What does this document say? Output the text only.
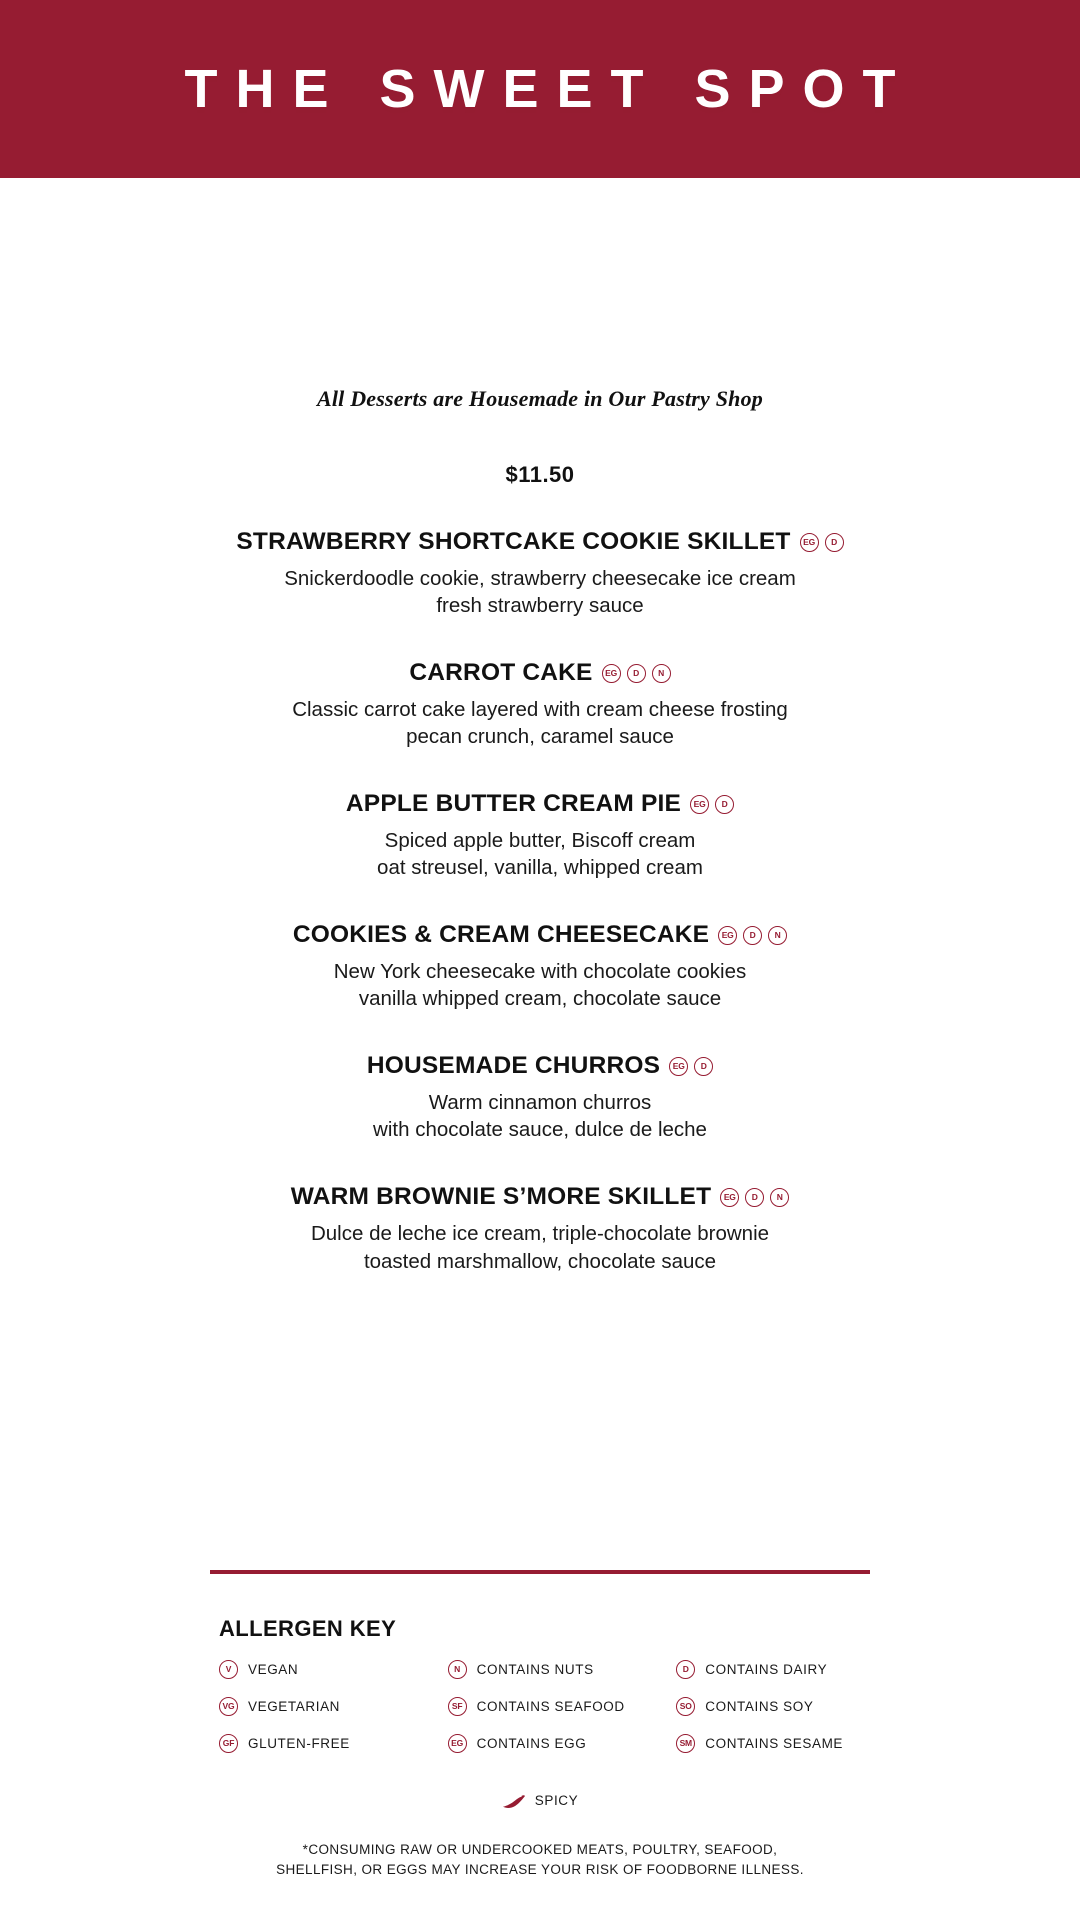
THE SWEET SPOT

All Desserts are Housemade in Our Pastry Shop

$11.50

STRAWBERRY SHORTCAKE COOKIE SKILLET	EG	D
Snickerdoodle cookie, strawberry cheesecake ice cream
fresh strawberry sauce
CARROT CAKE	EG	D	N
Classic carrot cake layered with cream cheese frosting
pecan crunch, caramel sauce
APPLE BUTTER CREAM PIE	EG	D
Spiced apple butter, Biscoff cream
oat streusel, vanilla, whipped cream
COOKIES & CREAM CHEESECAKE	EG	D	N
New York cheesecake with chocolate cookies
vanilla whipped cream, chocolate sauce
HOUSEMADE CHURROS	EG	D
Warm cinnamon churros
with chocolate sauce, dulce de leche
WARM BROWNIE S’MORE SKILLET	EG	D	N
Dulce de leche ice cream, triple-chocolate brownie
toasted marshmallow, chocolate sauce
ALLERGEN KEY
V	VEGAN
VG VEGETARIAN
GF GLUTEN-FREE
N	CONTAINS NUTS
SF	CONTAINS SEAFOOD
EG CONTAINS EGG
D	CONTAINS DAIRY
SO CONTAINS SOY
SM CONTAINS SESAME
SPICY
*CONSUMING RAW OR UNDERCOOKED MEATS, POULTRY, SEAFOOD,
SHELLFISH, OR EGGS MAY INCREASE YOUR RISK OF FOODBORNE ILLNESS.
